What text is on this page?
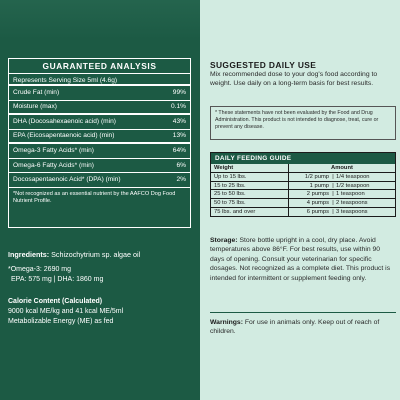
GUARANTEED ANALYSIS
Represents Serving Size 5ml (4.6g)
Crude Fat (min)	99%
Moisture (max)	0.1%
DHA (Docosahexaenoic acid) (min)	43%
EPA (Eicosapentaenoic acid) (min)	13%
Omega-3 Fatty Acids* (min)	64%
Omega-6 Fatty Acids* (min)	6%
Docosapentaenoic Acid* (DPA) (min)	2%
*Not recognized as an essential nutrient by the AAFCO Dog Food Nutrient Profile.
Ingredients: Schizochytrium sp. algae oil
*Omega-3: 2690 mg
EPA: 575 mg | DHA: 1860 mg
Calorie Content (Calculated)
9000 kcal ME/kg and 41 kcal ME/5ml
Metabolizable Energy (ME) as fed
SUGGESTED DAILY USE
Mix recommended dose to your dog's food according to weight. Use daily on a long-term basis for best results.
* These statements have not been evaluated by the Food and Drug Administration. This product is not intended to diagnose, treat, cure or prevent any disease.
DAILY FEEDING GUIDE
Weight	Amount
Up to 15 lbs.	1/2 pump | 1/4 teaspoon
15 to 25 lbs.	1 pump | 1/2 teaspoon
25 to 50 lbs.	2 pumps | 1 teaspoon
50 to 75 lbs.	4 pumps | 2 teaspoons
75 lbs. and over	6 pumps | 3 teaspoons
Storage: Store bottle upright in a cool, dry place. Avoid temperatures above 86°F. For best results, use within 90 days of opening. Consult your veterinarian for specific dosages. Not recognized as a complete diet. This product is intended for intermittent or supplement feeding only.
Warnings: For use in animals only. Keep out of reach of children.
